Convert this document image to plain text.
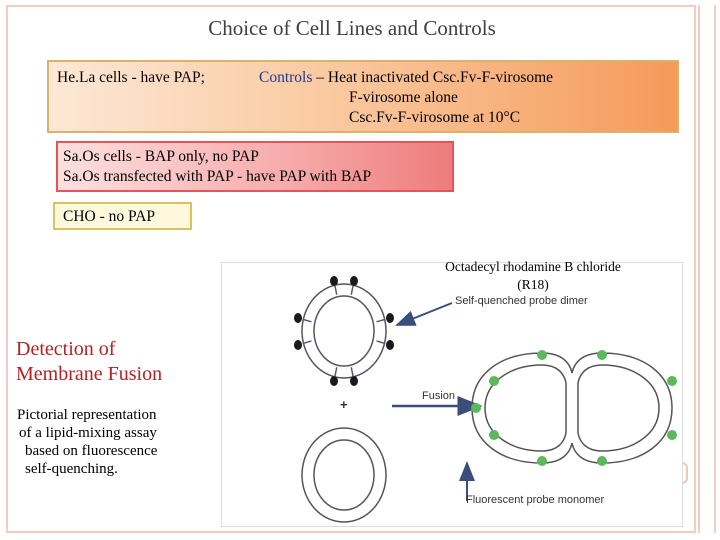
Choice of Cell Lines and Controls
He.La cells - have PAP;	Controls – Heat inactivated Csc.Fv-F-virosome
F-virosome alone
Csc.Fv-F-virosome at 10°C
Sa.Os cells - BAP only, no PAP
Sa.Os transfected with PAP - have PAP with BAP
CHO - no PAP
Detection of
Membrane Fusion
Pictorial representation
of a lipid-mixing assay
based on fluorescence
self-quenching.
Self-quenched probe dimer
+
Fusion
Fluorescent probe monomer
Octadecyl rhodamine B chloride
(R18)
